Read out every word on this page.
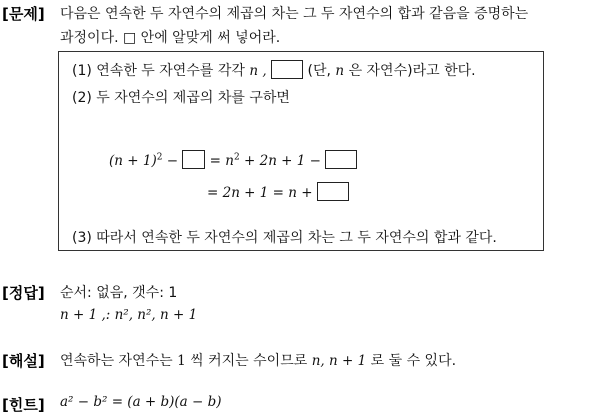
[문제] 다음은 연속한 두 자연수의 제곱의 차는 그 두 자연수의 합과 같음을 증명하는
과정이다. □ 안에 알맞게 써 넣어라.
(1) 연속한 두 자연수를 각각 n ,	(단, n 은 자연수)라고 한다.
(2) 두 자연수의 제곱의 차를 구하면
$(n + 1)^2$ − = $n^2 + 2n + 1$ −
= 2n + 1 = n +
(3) 따라서 연속한 두 자연수의 제곱의 차는 그 두 자연수의 합과 같다.
[정답] 순서: 없음, 갯수: 1
n + 1 ,: n², n², n + 1
[해설] 연속하는 자연수는 1 씩 커지는 수이므로 n, n + 1 로 둘 수 있다.
[힌트] a² − b² = (a + b)(a − b)
